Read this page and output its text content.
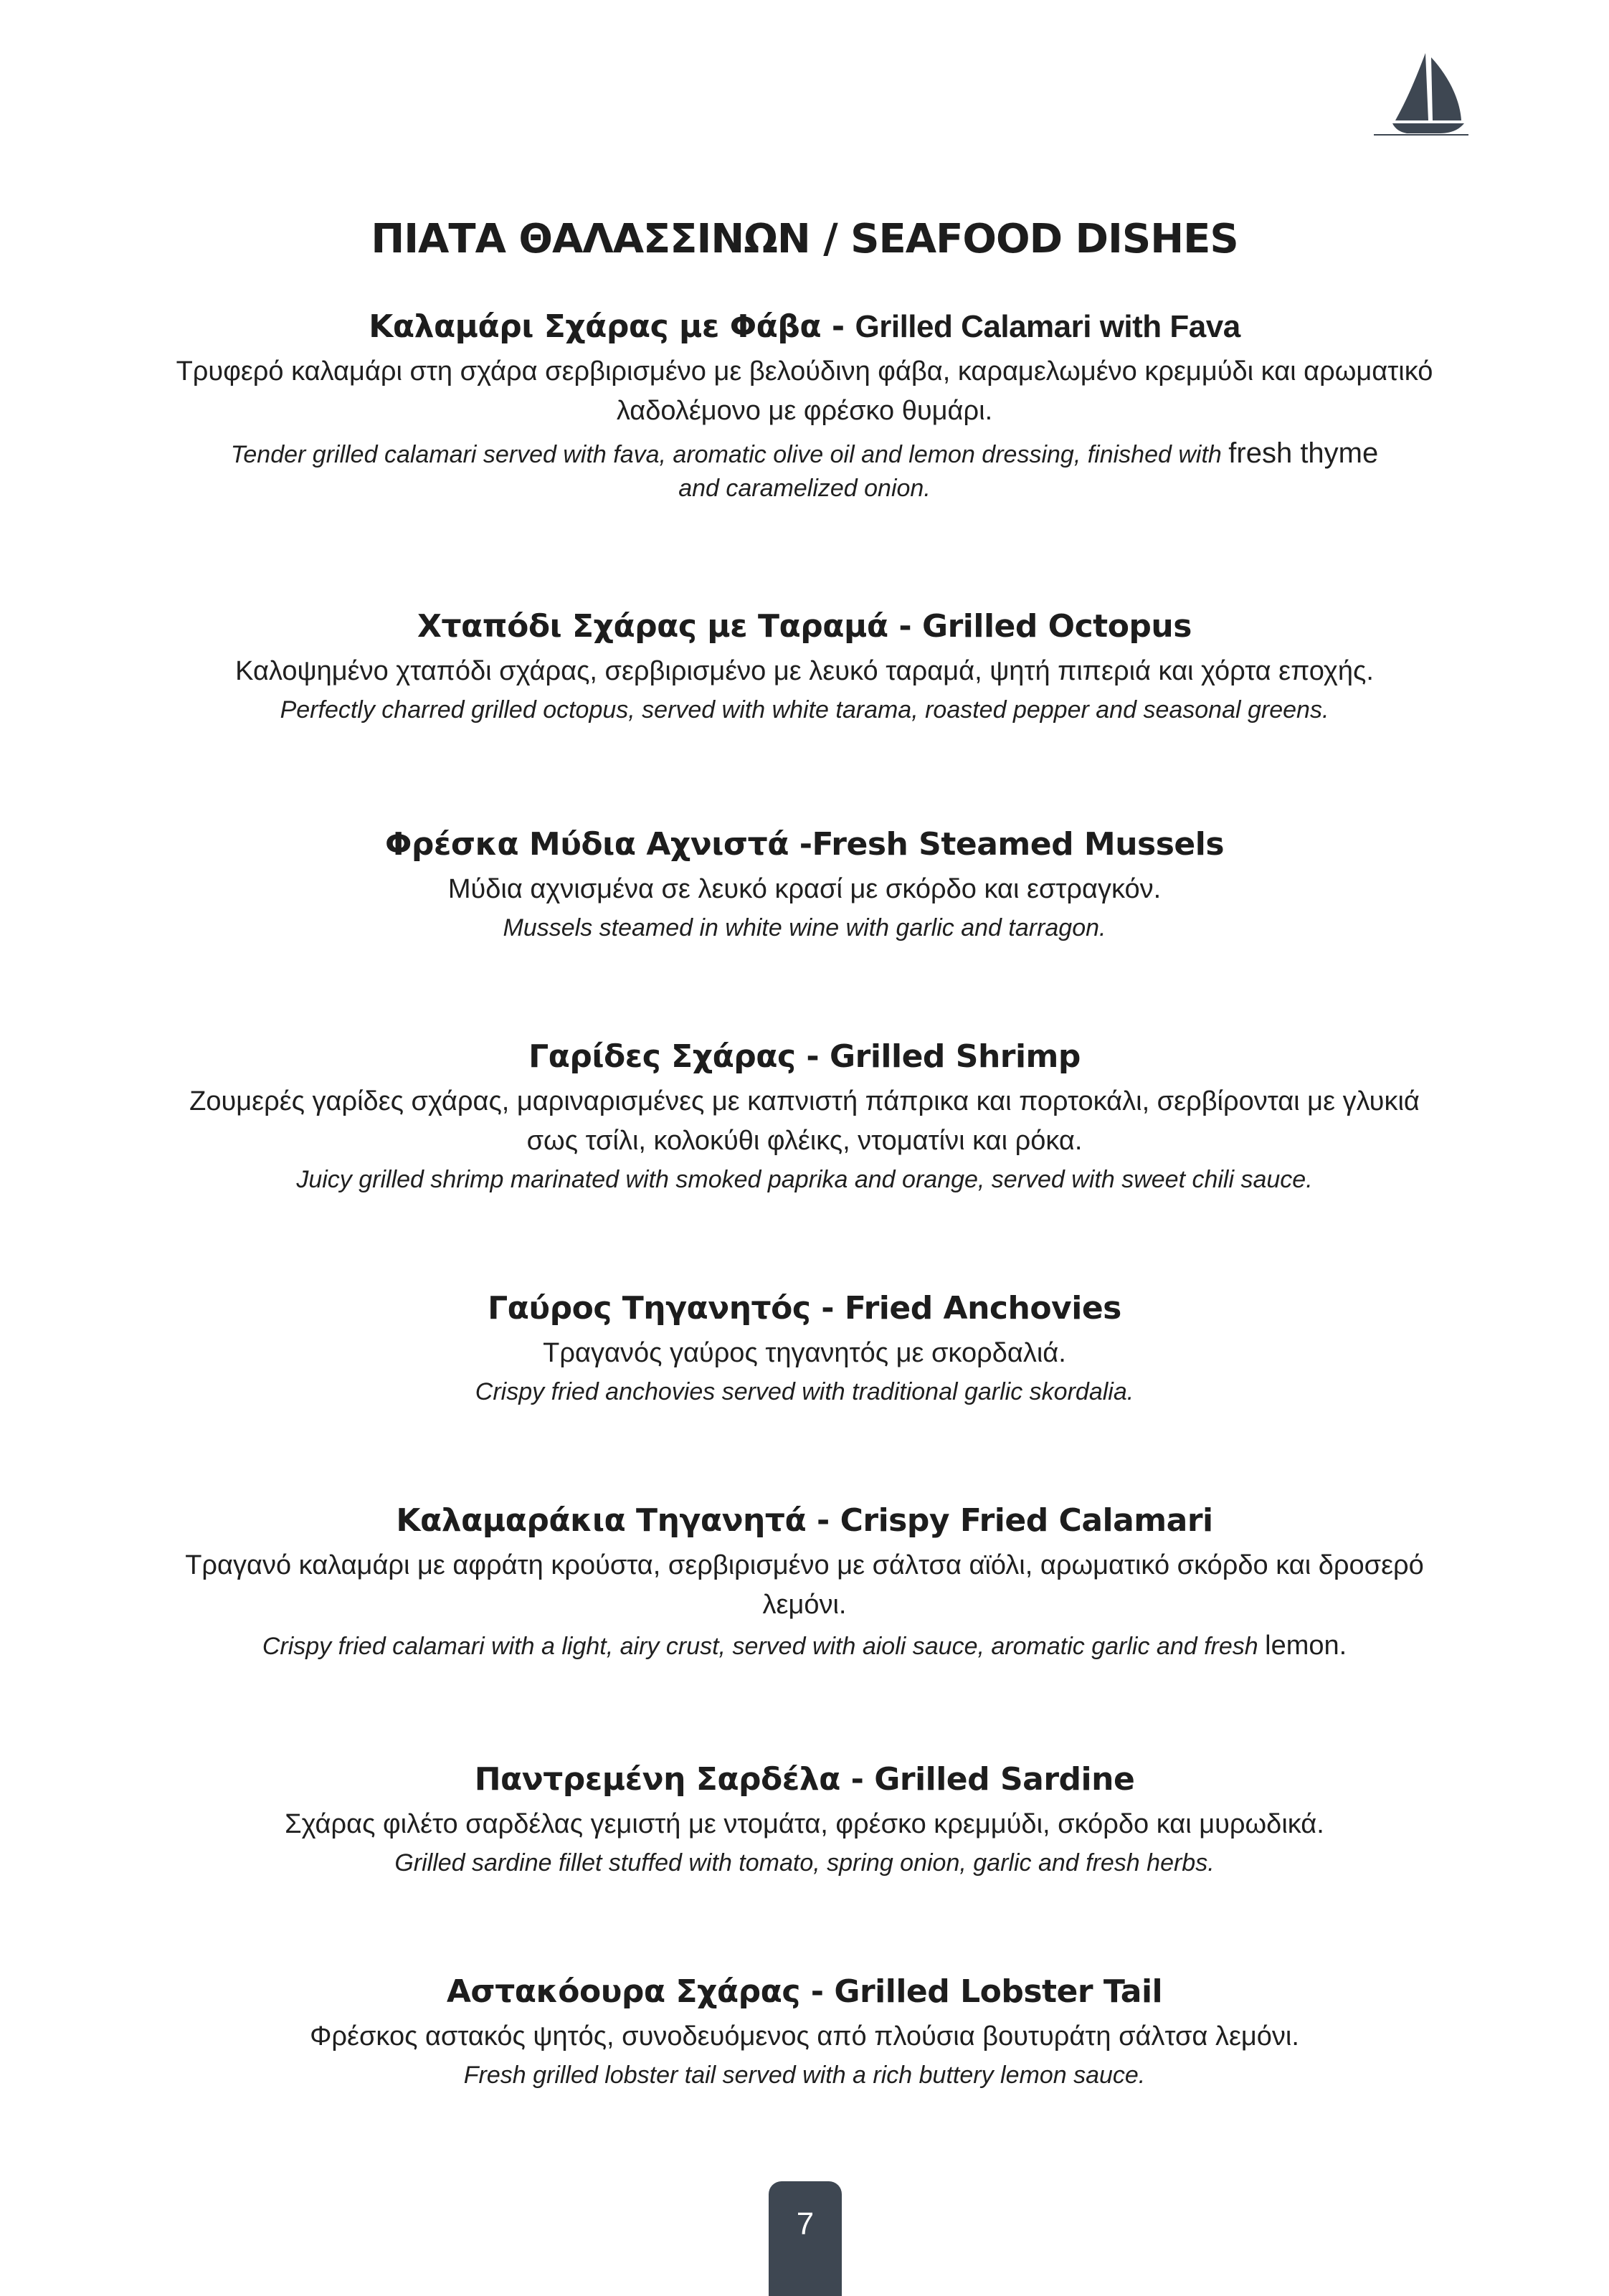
ΠΙΑΤΑ ΘΑΛΑΣΣΙΝΩΝ / SEAFOOD DISHES
Καλαμάρι Σχάρας με Φάβα - Grilled Calamari with Fava

Τρυφερό καλαμάρι στη σχάρα σερβιρισμένο με βελούδινη φάβα, καραμελωμένο κρεμμύδι και αρωματικό λαδολέμονο με φρέσκο θυμάρι.

Tender grilled calamari served with fava, aromatic olive oil and lemon dressing, finished with fresh thyme
and caramelized onion.

Χταπόδι Σχάρας με Ταραμά - Grilled Octopus

Καλοψημένο χταπόδι σχάρας, σερβιρισμένο με λευκό ταραμά, ψητή πιπεριά και χόρτα εποχής.

Perfectly charred grilled octopus, served with white tarama, roasted pepper and seasonal greens.

Φρέσκα Μύδια Αχνιστά -Fresh Steamed Mussels

Μύδια αχνισμένα σε λευκό κρασί με σκόρδο και εστραγκόν.

Mussels steamed in white wine with garlic and tarragon.

Γαρίδες Σχάρας - Grilled Shrimp

Ζουμερές γαρίδες σχάρας, μαριναρισμένες με καπνιστή πάπρικα και πορτοκάλι, σερβίρονται με γλυκιά σως τσίλι, κολοκύθι φλέικς, ντοματίνι και ρόκα.

Juicy grilled shrimp marinated with smoked paprika and orange, served with sweet chili sauce.

Γαύρος Τηγανητός - Fried Anchovies

Τραγανός γαύρος τηγανητός με σκορδαλιά.

Crispy fried anchovies served with traditional garlic skordalia.

Καλαμαράκια Τηγανητά - Crispy Fried Calamari

Τραγανό καλαμάρι με αφράτη κρούστα, σερβιρισμένο με σάλτσα αϊόλι, αρωματικό σκόρδο και δροσερό λεμόνι.

Crispy fried calamari with a light, airy crust, served with aioli sauce, aromatic garlic and fresh lemon.

Παντρεμένη Σαρδέλα - Grilled Sardine

Σχάρας φιλέτο σαρδέλας γεμιστή με ντομάτα, φρέσκο κρεμμύδι, σκόρδο και μυρωδικά.

Grilled sardine fillet stuffed with tomato, spring onion, garlic and fresh herbs.

Αστακόουρα Σχάρας - Grilled Lobster Tail

Φρέσκος αστακός ψητός, συνοδευόμενος από πλούσια βουτυράτη σάλτσα λεμόνι.

Fresh grilled lobster tail served with a rich buttery lemon sauce.

7
